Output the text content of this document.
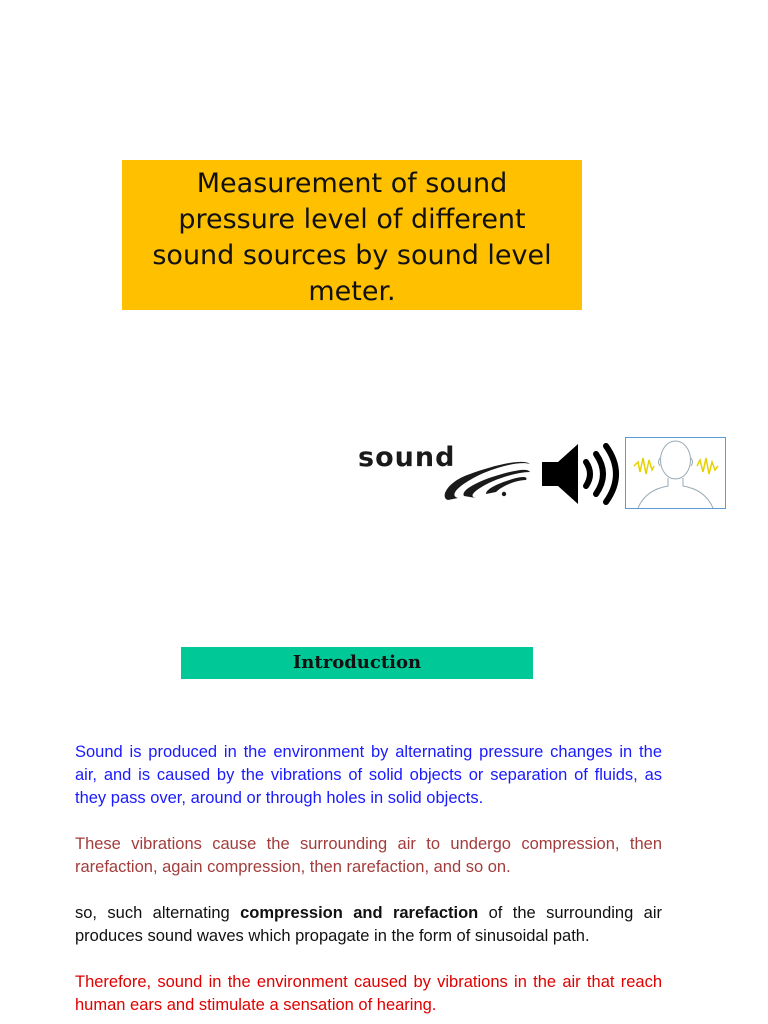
Measurement of sound
pressure level of different
sound sources by sound level
meter.
sound
Introduction

Sound is produced in the environment by alternating pressure changes in the air, and is caused by the vibrations of solid objects or separation of fluids, as they pass over, around or through holes in solid objects.

These vibrations cause the surrounding air to undergo compression, then rarefaction, again compression, then rarefaction, and so on.

so, such alternating compression and rarefaction of the surrounding air produces sound waves which propagate in the form of sinusoidal path.

Therefore, sound in the environment caused by vibrations in the air that reach human ears and stimulate a sensation of hearing.
